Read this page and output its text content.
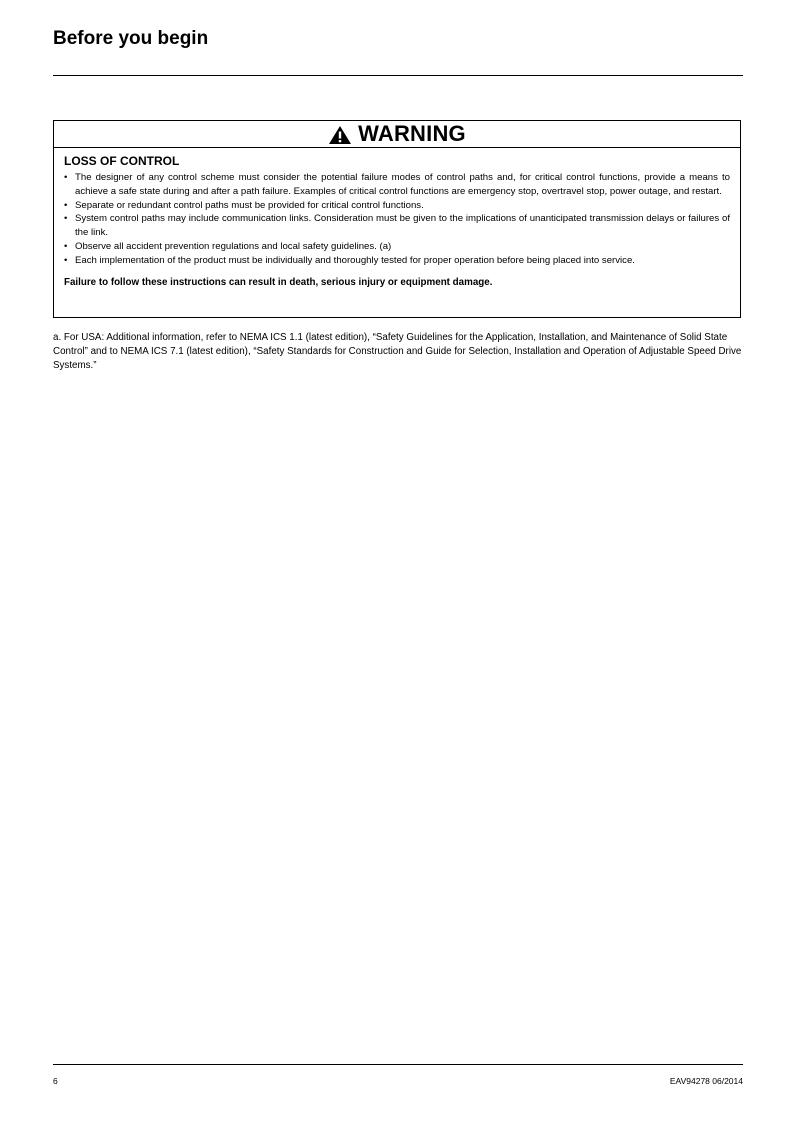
Before you begin
WARNING
LOSS OF CONTROL
• The designer of any control scheme must consider the potential failure modes of control paths and, for critical control functions, provide a means to achieve a safe state during and after a path failure. Examples of critical control functions are emergency stop, overtravel stop, power outage, and restart.
• Separate or redundant control paths must be provided for critical control functions.
• System control paths may include communication links. Consideration must be given to the implications of unanticipated transmission delays or failures of the link.
• Observe all accident prevention regulations and local safety guidelines. (a)
• Each implementation of the product must be individually and thoroughly tested for proper operation before being placed into service.
Failure to follow these instructions can result in death, serious injury or equipment damage.

a. For USA: Additional information, refer to NEMA ICS 1.1 (latest edition), “Safety Guidelines for the Application, Installation, and Maintenance of Solid State Control” and to NEMA ICS 7.1 (latest edition), “Safety Standards for Construction and Guide for Selection, Installation and Operation of Adjustable Speed Drive Systems.”

6	EAV94278 06/2014
